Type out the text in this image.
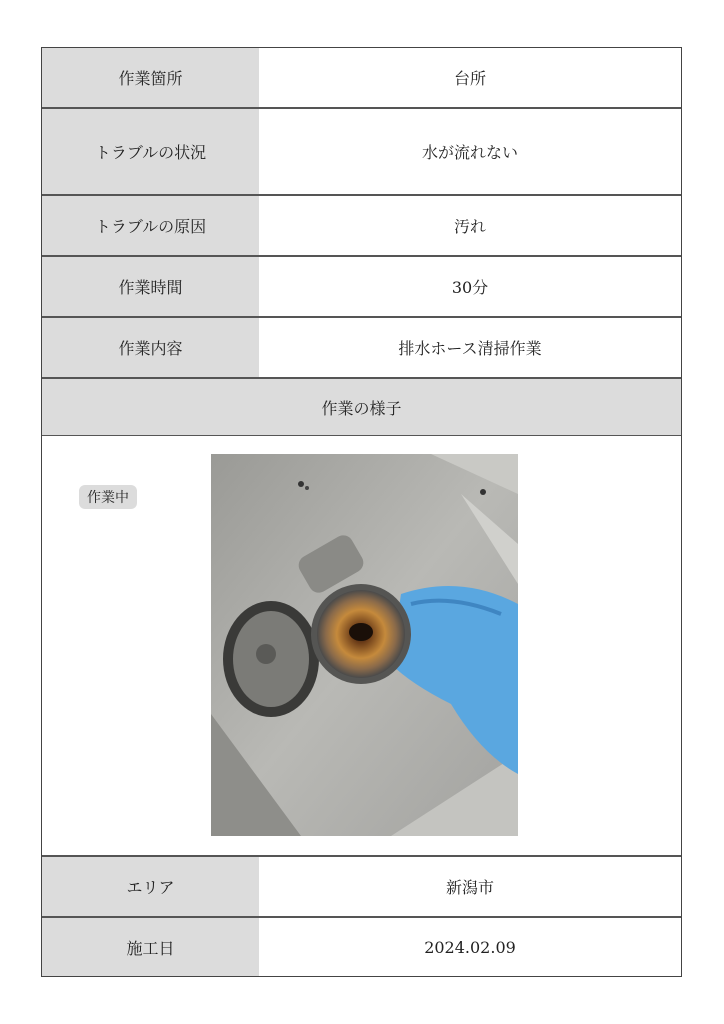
作業箇所	台所
トラブルの状況	水が流れない
トラブルの原因	汚れ
作業時間	30分
作業内容	排水ホース清掃作業
作業の様子
作業中
エリア	新潟市
施工日	2024.02.09
